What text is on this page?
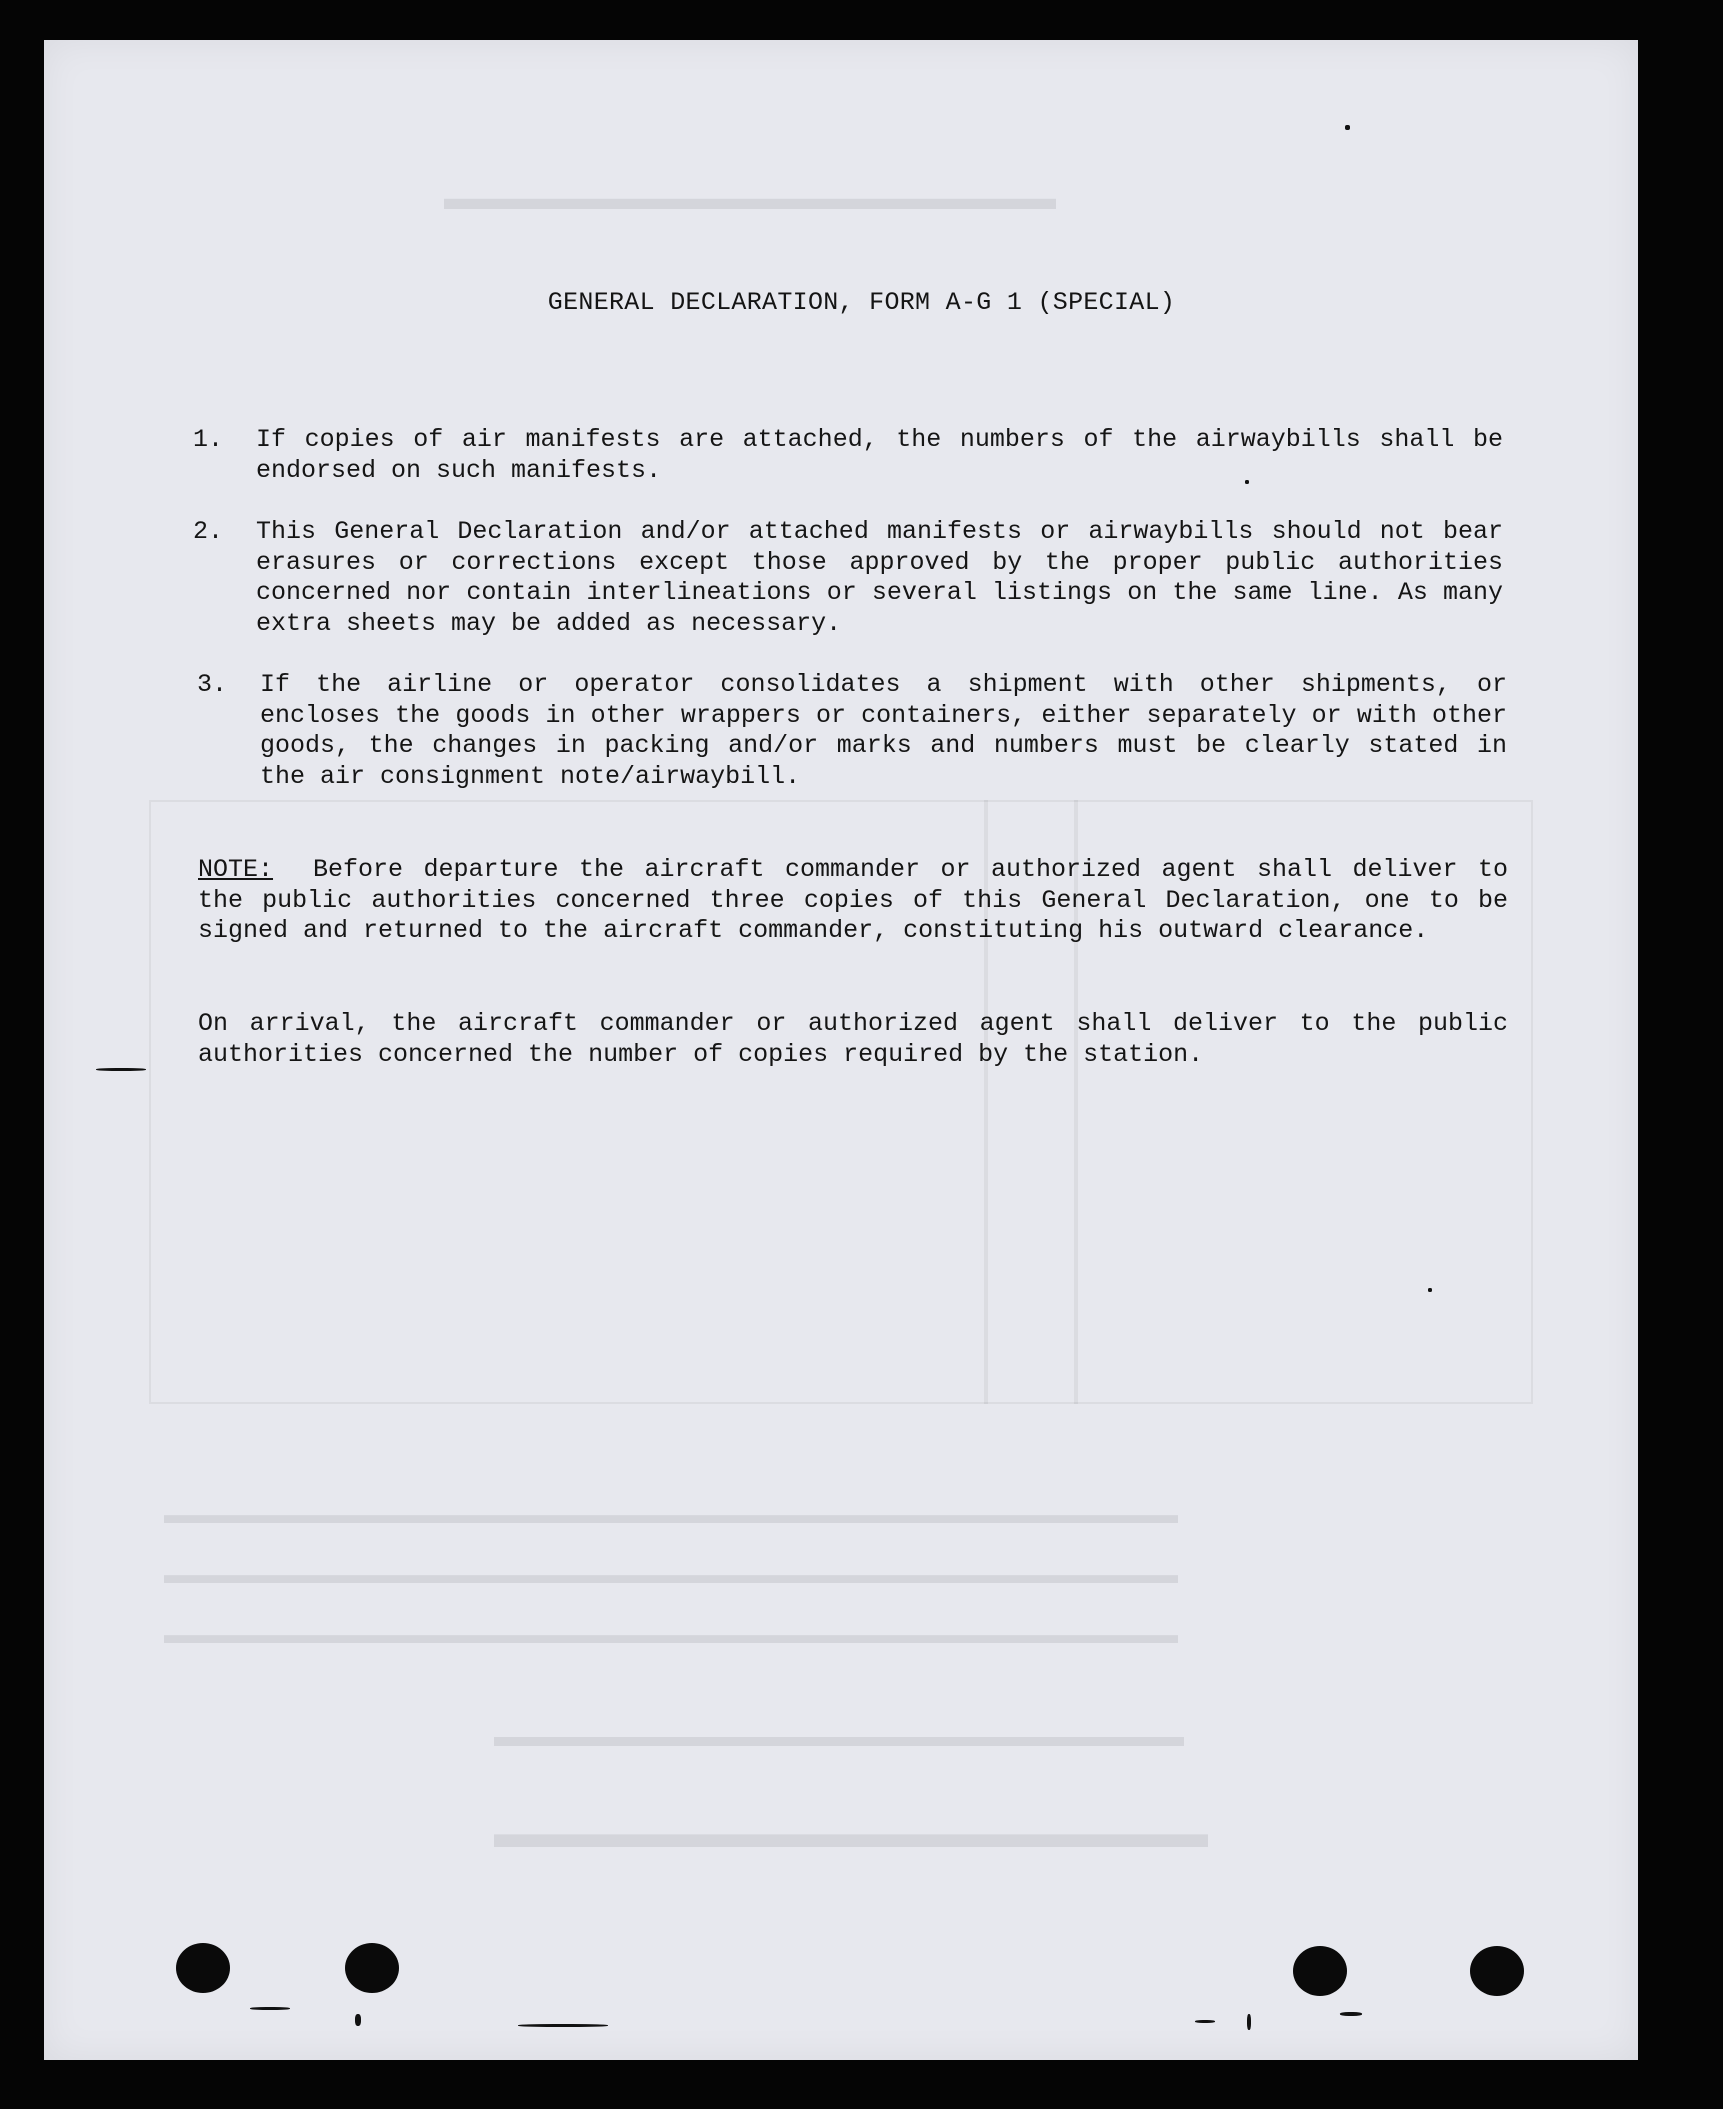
▬▬▬▬▬▬▬▬▬▬▬▬▬▬▬▬▬▬
▬▬▬▬▬▬▬▬▬▬▬▬▬▬▬▬▬▬▬▬▬▬▬▬▬▬▬▬▬▬▬▬▬▬▬▬▬▬▬
▬▬▬▬▬▬▬▬▬▬▬▬▬▬▬▬▬▬▬▬▬▬▬▬▬▬▬▬▬▬▬▬▬▬▬▬▬▬▬
▬▬▬▬▬▬▬▬▬▬▬▬▬▬▬▬▬▬▬▬▬▬▬▬▬▬▬▬▬▬▬▬▬▬▬▬▬▬▬
▬▬▬▬▬▬▬▬▬▬▬▬▬▬▬▬▬▬▬▬▬▬▬
▬▬▬▬▬▬▬▬▬▬▬▬▬▬▬▬▬
GENERAL DECLARATION, FORM A-G 1 (SPECIAL)
1. If copies of air manifests are attached, the numbers of the airwaybills shall be endorsed on such manifests.
2. This General Declaration and/or attached manifests or airwaybills should not bear erasures or corrections except those approved by the proper public authorities concerned nor contain interlineations or several listings on the same line. As many extra sheets may be added as necessary.
3. If the airline or operator consolidates a shipment with other shipments, or encloses the goods in other wrappers or containers, either separately or with other goods, the changes in packing and/or marks and numbers must be clearly stated in the air consignment note/airwaybill.
NOTE: Before departure the aircraft commander or authorized agent shall deliver to the public authorities concerned three copies of this General Declaration, one to be signed and returned to the aircraft commander, constituting his outward clearance.
On arrival, the aircraft commander or authorized agent shall deliver to the public authorities concerned the number of copies required by the station.
